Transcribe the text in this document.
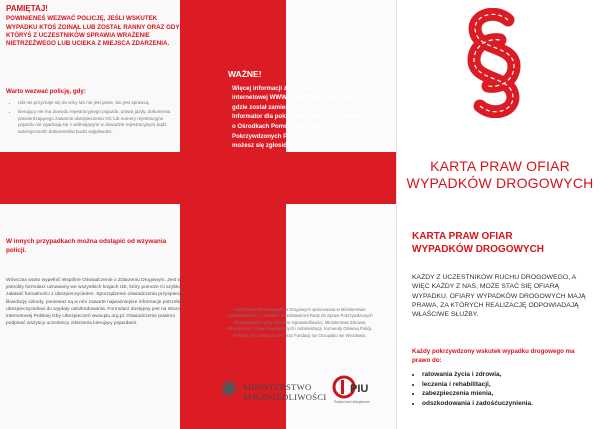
PAMIĘTAJ!
POWINIENEŚ WEZWAĆ POLICJĘ, JEŚLI WSKUTEK WYPADKU KTOŚ ZGINĄŁ LUB ZOSTAŁ RANNY ORAZ GDY KTÓRYŚ Z UCZESTNIKÓW SPRAWIA WRAŻENIE NIETRZEŹWEGO LUB UCIEKA Z MIEJSCA ZDARZENIA.
Warto wezwać policję, gdy:
• nikt nie przyznaje się do winy lub nie jest jasne, kto jest sprawcą,
• kierujący nie ma dowodu rejestracyjnego pojazdu, prawa jazdy, dokumentu potwierdzającego zawarcie ubezpieczenia OC lub numery rejestracyjne pojazdu nie zgadzają się z widniejącymi w dowodzie rejestracyjnym bądź autentyczność dokumentów budzi wątpliwości.
W innych przypadkach można odstąpić od wzywania policji.
Wówczas warto wypełnić Wspólne Oświadczenie o Zdarzeniu Drogowym. Jest to jednolity formularz uznawany we wszystkich krajach UE, który pomoże Ci szybko załatwić formalności z ubezpieczycielem. Sporządzenie oświadczenia przyspiesza likwidację szkody, ponieważ są w nim zawarte najważniejsze informacje potrzebne ubezpieczycielowi do wypłaty odszkodowania. Formularz dostępny jest na stronie internetowej Polskiej Izby Ubezpieczeń www.piu.org.pl. Oświadczenie powinni podpisać wszyscy uczestnicy zdarzenia kierujący pojazdami.
WAŻNE!
Więcej informacji znajdziesz na stronie internetowej WWW.POKRZYWDZENI.GOV.PL, gdzie został zamieszczony, między innymi, Informator dla pokrzywdzonego oraz informacje o Ośrodkach Pomocy dla Osób Pokrzywdzonych Przestępstwem, do których możesz się zgłosić.
Karta Praw Ofiar Wypadków Drogowych opracowana w Ministerstwie Sprawiedliwości z udziałem przedstawicieli Rady do Spraw Pokrzywdzonych Przestępstwem przy Ministrze Sprawiedliwości, Ministerstwa Zdrowia, Ministerstwa Spraw Wewnętrznych i Administracji, Komendy Głównej Policji, Polskiej Izby Ubezpieczeń oraz Fundacji Ius Occupatio we Wrocławiu.
MINISTERSTWO
SPRAWIEDLIWOŚCI
PIU
Polska Izba Ubezpieczeń
KARTA PRAW OFIAR
WYPADKÓW DROGOWYCH
KARTA PRAW OFIAR
WYPADKÓW DROGOWYCH
KAŻDY Z UCZESTNIKÓW RUCHU DROGOWEGO, A WIĘC KAŻDY Z NAS, MOŻE STAĆ SIĘ OFIARĄ WYPADKU. OFIARY WYPADKÓW DROGOWYCH MAJĄ PRAWA, ZA KTÓRYCH REALIZACJĘ ODPOWIADAJĄ WŁAŚCIWE SŁUŻBY.
Każdy pokrzywdzony wskutek wypadku drogowego ma prawo do:
• ratowania życia i zdrowia,
• leczenia i rehabilitacji,
• zabezpieczenia mienia,
• odszkodowania i zadośćuczynienia.
